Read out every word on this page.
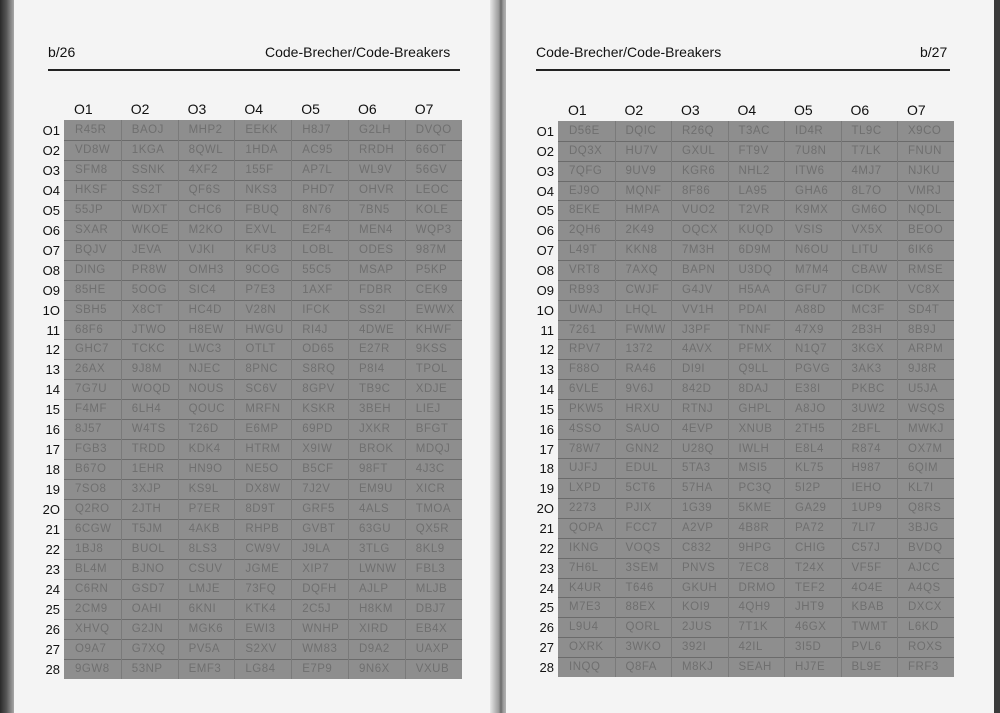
b/26	Code-Brecher/Code-Breakers
O1	O2	O3	O4	O5	O6	O7
O1 R45R BAOJ MHP2 EEKK H8J7 G2LH DVQO
O2 VD8W 1KGA 8QWL 1HDA AC95 RRDH 66OT
O3 SFM8 SSNK 4XF2 155F AP7L WL9V 56GV
O4 HKSF SS2T QF6S NKS3 PHD7 OHVR LEOC
O5 55JP WDXT CHC6 FBUQ 8N76 7BN5 KOLE
O6 SXAR WKOE M2KO EXVL E2F4 MEN4 WQP3
O7 BQJV JEVA VJKI	KFU3 LOBL ODES 987M
O8 DING PR8W OMH3 9COG 55C5 MSAP P5KP
O9 85HE 5OOG SIC4	P7E3 1AXF FDBR CEK9
1O SBH5 X8CT HC4D V28N IFCK SS2I	EWWX
11 68F6 JTWO H8EW HWGU RI4J	4DWE KHWF
12 GHC7 TCKC LWC3 OTLT OD65 E27R 9KSS
13 26AX 9J8M NJEC 8PNC S8RQ P8I4	TPOL
14 7G7U WOQD NOUS SC6V 8GPV TB9C XDJE
15 F4MF 6LH4 QOUC MRFN KSKR 3BEH LIEJ
16 8J57	W4TS T26D E6MP 69PD JXKR BFGT
17 FGB3 TRDD KDK4 HTRM X9IW BROK MDQJ
18 B67O 1EHR HN9O NE5O B5CF 98FT 4J3C
19 7SO8 3XJP KS9L DX8W 7J2V EM9U XICR
2O Q2RO 2JTH P7ER 8D9T GRF5 4ALS TMOA
21 6CGW T5JM 4AKB RHPB GVBT 63GU QX5R
22 1BJ8 BUOL 8LS3 CW9V J9LA 3TLG 8KL9
23 BL4M BJNO CSUV JGME XIP7	LWNW FBL3
24 C6RN GSD7 LMJE 73FQ DQFH AJLP MLJB
25 2CM9 OAHI 6KNI	KTK4 2C5J H8KM DBJ7
26 XHVQ G2JN MGK6 EWI3 WNHP XIRD EB4X
27 O9A7 G7XQ PV5A S2XV WM83 D9A2 UAXP
28 9GW8 53NP EMF3 LG84 E7P9 9N6X VXUB
Code-Brecher/Code-Breakers	b/27
O1	O2	O3	O4	O5	O6	O7
O1 D56E DQIC R26Q T3AC ID4R TL9C X9CO
O2 DQ3X HU7V GXUL FT9V 7U8N T7LK FNUN
O3 7QFG 9UV9 KGR6 NHL2 ITW6 4MJ7 NJKU
O4 EJ9O MQNF 8F86 LA95 GHA6 8L7O VMRJ
O5 8EKE HMPA VUO2 T2VR K9MX GM6O NQDL
O6 2QH6 2K49 OQCX KUQD VSIS VX5X BEOO
O7 L49T KKN8 7M3H 6D9M N6OU LITU	6IK6
O8 VRT8 7AXQ BAPN U3DQ M7M4 CBAW RMSE
O9 RB93 CWJF G4JV H5AA GFU7 ICDK VC8X
1O UWAJ LHQL VV1H PDAI A88D MC3F SD4T
11 7261	FWMW J3PF TNNF 47X9 2B3H 8B9J
12 RPV7 1372	4AVX PFMX N1Q7 3KGX ARPM
13 F88O RA46 DI9I	Q9LL PGVG 3AK3 9J8R
14 6VLE 9V6J 842D 8DAJ E38I	PKBC U5JA
15 PKW5 HRXU RTNJ GHPL A8JO 3UW2 WSQS
16 4SSO SAUO 4EVP XNUB 2TH5 2BFL MWKJ
17 78W7 GNN2 U28Q IWLH E8L4 R874 OX7M
18 UJFJ EDUL 5TA3 MSI5 KL75 H987 6QIM
19 LXPD 5CT6 57HA PC3Q 5I2P	IEHO KL7I
2O 2273	PJIX	1G39 5KME GA29 1UP9 Q8RS
21 QOPA FCC7 A2VP 4B8R PA72 7LI7	3BJG
22 IKNG VOQS C832 9HPG CHIG C57J BVDQ
23 7H6L 3SEM PNVS 7EC8 T24X VF5F AJCC
24 K4UR T646 GKUH DRMO TEF2 4O4E A4QS
25 M7E3 88EX KOI9 4QH9 JHT9 KBAB DXCX
26 L9U4 QORL 2JUS 7T1K 46GX TWMT L6KD
27 OXRK 3WKO 392I	42IL	3I5D	PVL6 ROXS
28 INQQ Q8FA M8KJ SEAH HJ7E BL9E FRF3
